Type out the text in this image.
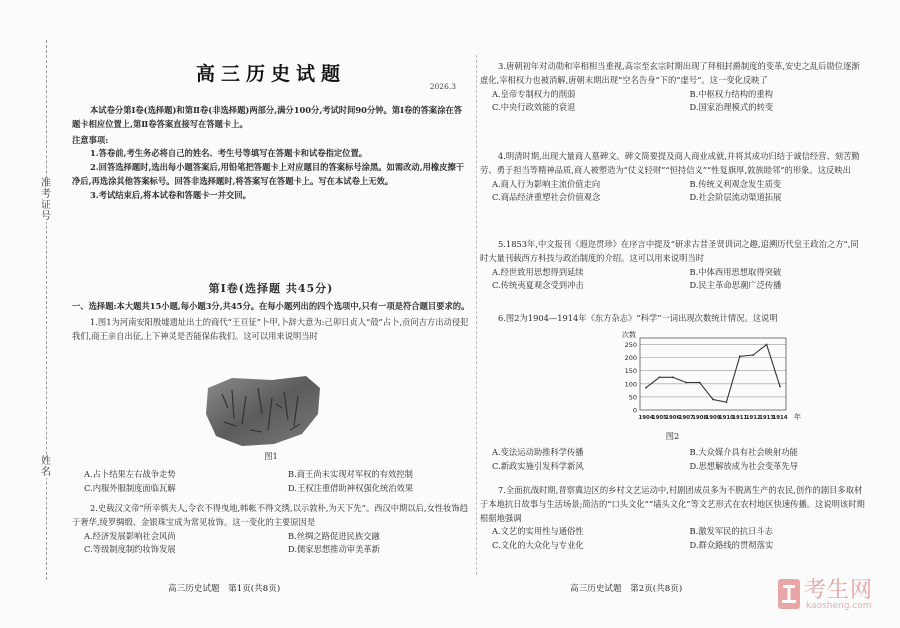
准
考
证
号
姓
名
高三历史试题
2026.3
本试卷分第Ⅰ卷(选择题)和第Ⅱ卷(非选择题)两部分,满分100分,考试时间90分钟。第Ⅰ卷的答案涂在答题卡相应位置上,第Ⅱ卷答案直接写在答题卡上。
注意事项:
1.答卷前,考生务必将自己的姓名、考生号等填写在答题卡和试卷指定位置。
2.回答选择题时,选出每小题答案后,用铅笔把答题卡上对应题目的答案标号涂黑。如需改动,用橡皮擦干净后,再选涂其他答案标号。回答非选择题时,将答案写在答题卡上。写在本试卷上无效。
3.考试结束后,将本试卷和答题卡一并交回。
第Ⅰ卷(选择题 共45分)
一、选择题:本大题共15小题,每小题3分,共45分。在每小题列出的四个选项中,只有一项是符合题目要求的。
1.图1为河南安阳殷墟遗址出土的商代“王亘征”卜甲,卜辞大意为:己卯日贞人“殻”占卜,贡问吉方出动侵犯我们,商王亲自出征,上下神灵是否能保佑我们。这可以用来说明当时
图1
A.占卜结果左右战争走势	B.商王尚未实现对军权的有效控制
C.内服外服制度面临瓦解	D.王权注重借助神权强化统治效果
2.史载汉文帝“所幸慎夫人,令衣不得曳地,帏帐不得文绣,以示敦朴,为天下先”。西汉中期以后,女性妆饰趋于奢华,绫罗绸缎、金银珠宝成为常见妆饰。这一变化的主要原因是
A.经济发展影响社会风尚	B.丝绸之路促进民族交融
C.等级制度制约妆饰发展	D.儒家思想推动审美革新
高三历史试题　第1页(共8页)
3.唐朝初年对动勋和宰相相当重视,高宗至玄宗时期出现了拜相封爵制度的变革,安史之乱后勋位逐渐虚化,宰相权力也被消解,唐朝末期出现“空名告身”下的“虚号”。这一变化反映了
A.皇帝专制权力的削弱	B.中枢权力结构的重构
C.中央行政效能的衰退	D.国家治理模式的转变
4.明清时期,出现大量商人墓碑文。碑文简要提及商人商业成就,并将其成功归结于诚信经营、刻苦勤劳、勇于担当等精神品质,商人被塑造为“仗义轻财”“恒持信义”“性复旗厚,敦族睦邻”的形象。这反映出
A.商人行为影响主流价值走向	B.传统义利观念发生质变
C.商品经济重塑社会价值观念	D.社会阶层流动渠道拓展
5.1853年,中文报刊《遐迩贯珍》在序言中提及“研求古昔圣贤训词之趣,追溯历代皇王政治之方”,同时大量刊载西方科技与政治制度的介绍。这可以用来说明当时
A.经世致用思想得到延续	B.中体西用思想取得突破
C.传统夷夏观念受到冲击	D.民主革命思潮广泛传播
6.图2为1904—1914年《东方杂志》“科学”一词出现次数统计情况。这说明
0
50
100
150
200
250
次数
1904
1905
1906
1907
1908
1909
1910
1911
1912
1913
1914 年
图2
A.变法运动助推科学传播	B.大众媒介具有社会映射功能
C.新政实施引发科学新风	D.思想解放成为社会变革先导
7.全面抗战时期,晋察冀边区的乡村文艺运动中,村剧团成员多为不脱离生产的农民,创作的剧目多取材于本地抗日故事与生活场景;简洁的“口头文化”“墙头文化”等文艺形式在农村地区快速传播。这说明该时期根据地强调
A.文艺的实用性与通俗性	B.激发军民的抗日斗志
C.文化的大众化与专业化	D.群众路线的贯彻落实
高三历史试题　第2页(共8页)	考生网
kaosheng.com
